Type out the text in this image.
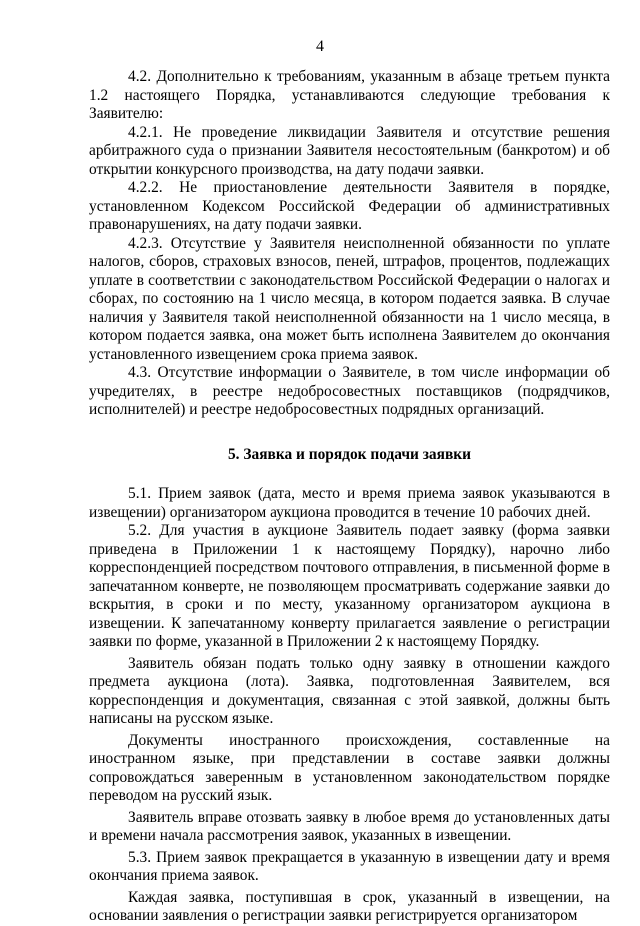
4

4.2. Дополнительно к требованиям, указанным в абзаце третьем пункта 1.2 настоящего Порядка, устанавливаются следующие требования к Заявителю:

4.2.1. Не проведение ликвидации Заявителя и отсутствие решения арбитражного суда о признании Заявителя несостоятельным (банкротом) и об открытии конкурсного производства, на дату подачи заявки.

4.2.2. Не приостановление деятельности Заявителя в порядке, установленном Кодексом Российской Федерации об административных правонарушениях, на дату подачи заявки.

4.2.3. Отсутствие у Заявителя неисполненной обязанности по уплате налогов, сборов, страховых взносов, пеней, штрафов, процентов, подлежащих уплате в соответствии с законодательством Российской Федерации о налогах и сборах, по состоянию на 1 число месяца, в котором подается заявка. В случае наличия у Заявителя такой неисполненной обязанности на 1 число месяца, в котором подается заявка, она может быть исполнена Заявителем до окончания установленного извещением срока приема заявок.

4.3. Отсутствие информации о Заявителе, в том числе информации об учредителях, в реестре недобросовестных поставщиков (подрядчиков, исполнителей) и реестре недобросовестных подрядных организаций.

5. Заявка и порядок подачи заявки

5.1. Прием заявок (дата, место и время приема заявок указываются в извещении) организатором аукциона проводится в течение 10 рабочих дней.

5.2. Для участия в аукционе Заявитель подает заявку (форма заявки приведена в Приложении 1 к настоящему Порядку), нарочно либо корреспонденцией посредством почтового отправления, в письменной форме в запечатанном конверте, не позволяющем просматривать содержание заявки до вскрытия, в сроки и по месту, указанному организатором аукциона в извещении. К запечатанному конверту прилагается заявление о регистрации заявки по форме, указанной в Приложении 2 к настоящему Порядку.

Заявитель обязан подать только одну заявку в отношении каждого предмета аукциона (лота). Заявка, подготовленная Заявителем, вся корреспонденция и документация, связанная с этой заявкой, должны быть написаны на русском языке.

Документы иностранного происхождения, составленные на иностранном языке, при представлении в составе заявки должны сопровождаться заверенным в установленном законодательством порядке переводом на русский язык.

Заявитель вправе отозвать заявку в любое время до установленных даты и времени начала рассмотрения заявок, указанных в извещении.

5.3. Прием заявок прекращается в указанную в извещении дату и время окончания приема заявок.

Каждая заявка, поступившая в срок, указанный в извещении, на основании заявления о регистрации заявки регистрируется организатором
